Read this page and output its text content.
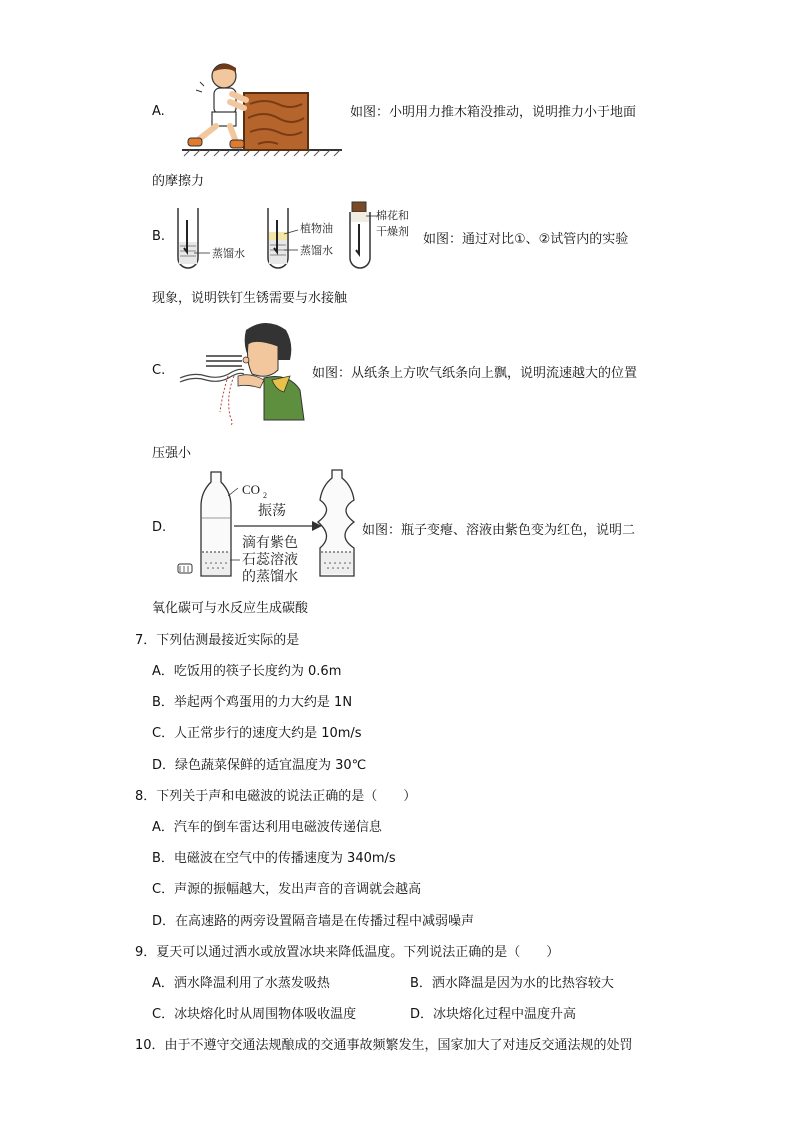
A.	如图：小明用力推木箱没推动，说明推力小于地面
的摩擦力
B.
蒸馏水
植物油
蒸馏水
棉花和
干燥剂
如图：通过对比①、②试管内的实验
现象，说明铁钉生锈需要与水接触
C.	如图：从纸条上方吹气纸条向上飘，说明流速越大的位置
压强小
D.
CO 2
振荡
滴有紫色
石蕊溶液
的蒸馏水
如图：瓶子变瘪、溶液由紫色变为红色，说明二
氧化碳可与水反应生成碳酸
7．下列估测最接近实际的是
A．吃饭用的筷子长度约为 0.6m
B．举起两个鸡蛋用的力大约是 1N
C．人正常步行的速度大约是 10m/s
D．绿色蔬菜保鲜的适宜温度为 30℃
8．下列关于声和电磁波的说法正确的是（　　）
A．汽车的倒车雷达利用电磁波传递信息
B．电磁波在空气中的传播速度为 340m/s
C．声源的振幅越大，发出声音的音调就会越高
D．在高速路的两旁设置隔音墙是在传播过程中减弱噪声
9．夏天可以通过洒水或放置冰块来降低温度。下列说法正确的是（　　）
A．洒水降温利用了水蒸发吸热	B．洒水降温是因为水的比热容较大
C．冰块熔化时从周围物体吸收温度	D．冰块熔化过程中温度升高
10．由于不遵守交通法规酿成的交通事故频繁发生，国家加大了对违反交通法规的处罚
